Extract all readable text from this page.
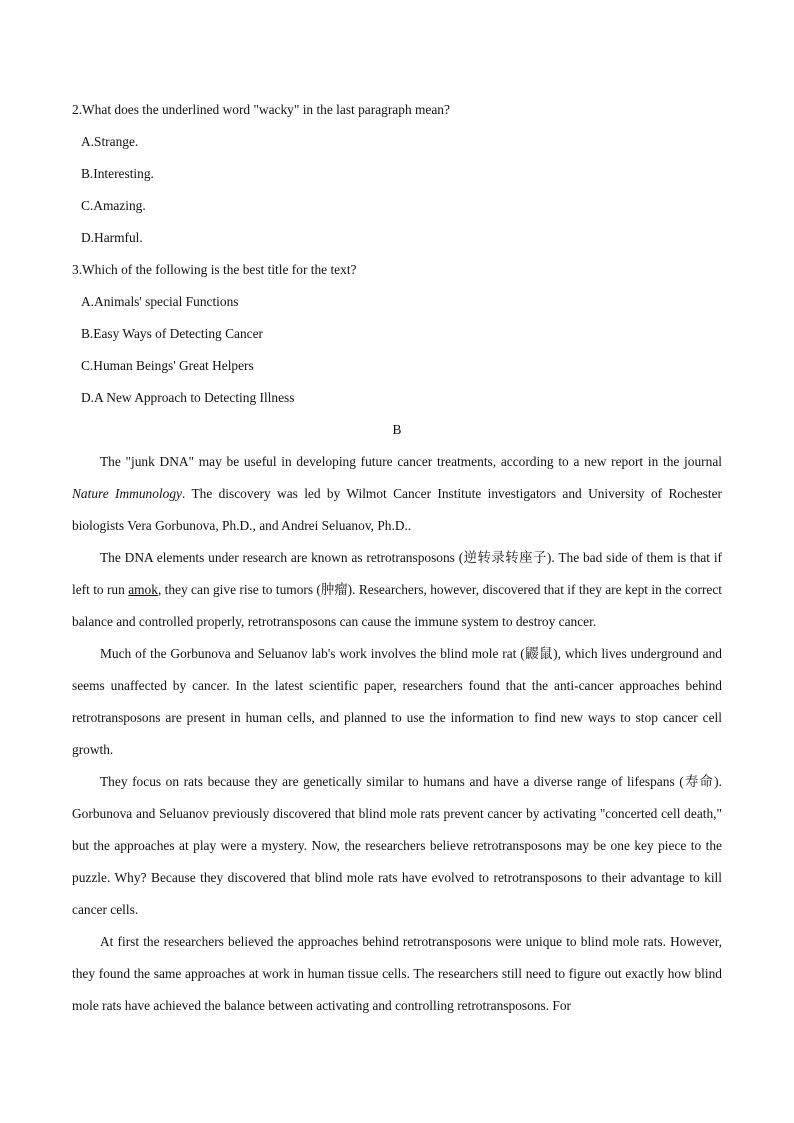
2.What does the underlined word "wacky" in the last paragraph mean?
A.Strange.
B.Interesting.
C.Amazing.
D.Harmful.
3.Which of the following is the best title for the text?
A.Animals' special Functions
B.Easy Ways of Detecting Cancer
C.Human Beings' Great Helpers
D.A New Approach to Detecting Illness
B

The "junk DNA" may be useful in developing future cancer treatments, according to a new report in the journal Nature Immunology. The discovery was led by Wilmot Cancer Institute investigators and University of Rochester biologists Vera Gorbunova, Ph.D., and Andrei Seluanov, Ph.D..

The DNA elements under research are known as retrotransposons (逆转录转座子). The bad side of them is that if left to run amok, they can give rise to tumors (肿瘤). Researchers, however, discovered that if they are kept in the correct balance and controlled properly, retrotransposons can cause the immune system to destroy cancer.

Much of the Gorbunova and Seluanov lab's work involves the blind mole rat (鼹鼠), which lives underground and seems unaffected by cancer. In the latest scientific paper, researchers found that the anti-cancer approaches behind retrotransposons are present in human cells, and planned to use the information to find new ways to stop cancer cell growth.

They focus on rats because they are genetically similar to humans and have a diverse range of lifespans (寿命). Gorbunova and Seluanov previously discovered that blind mole rats prevent cancer by activating "concerted cell death," but the approaches at play were a mystery. Now, the researchers believe retrotransposons may be one key piece to the puzzle. Why? Because they discovered that blind mole rats have evolved to retrotransposons to their advantage to kill cancer cells.

At first the researchers believed the approaches behind retrotransposons were unique to blind mole rats. However, they found the same approaches at work in human tissue cells. The researchers still need to figure out exactly how blind mole rats have achieved the balance between activating and controlling retrotransposons. For
